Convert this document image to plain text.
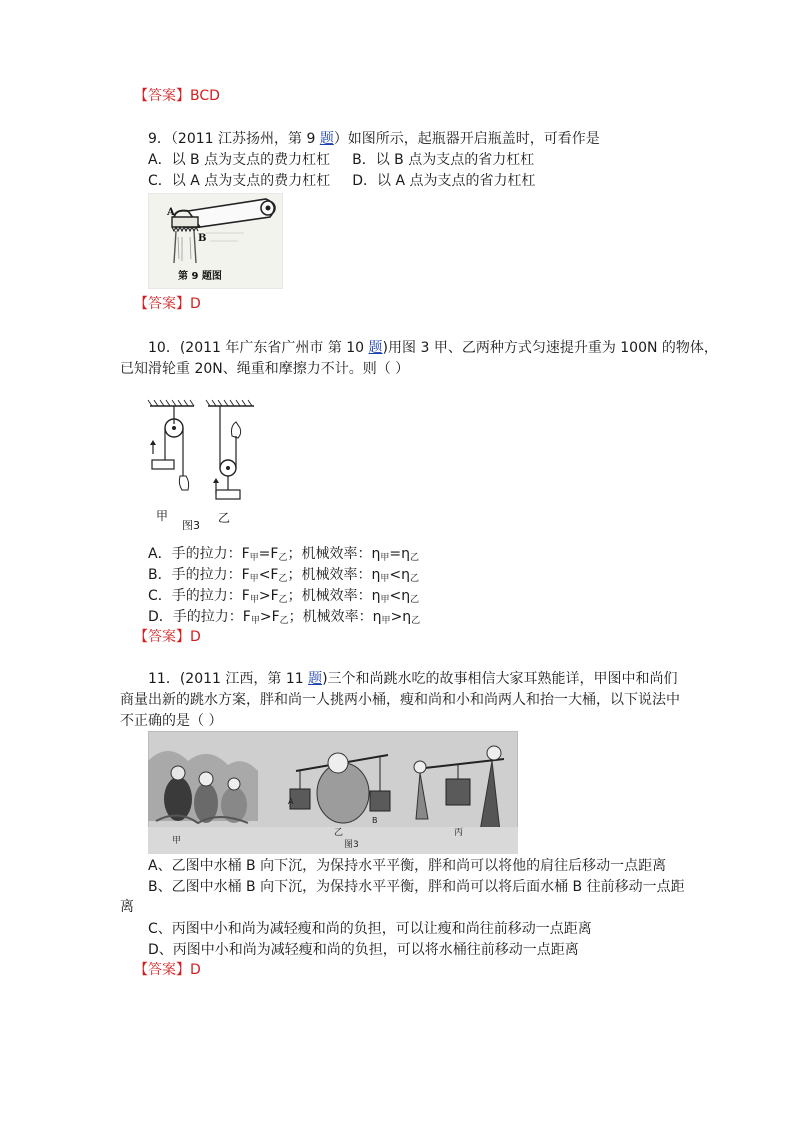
【答案】BCD
9．（2011 江苏扬州，第 9 题）如图所示，起瓶器开启瓶盖时，可看作是
A．以 B 点为支点的费力杠杠 B．以 B 点为支点的省力杠杠
C．以 A 点为支点的费力杠杠 D．以 A 点为支点的省力杠杠
A
B
第 9 题图
【答案】D
10．(2011 年广东省广州市 第 10 题)用图 3 甲、乙两种方式匀速提升重为 100N 的物体，
已知滑轮重 20N、绳重和摩擦力不计。则（ ）
甲
图3
乙
A．手的拉力：$F_甲=F_乙$；机械效率：$\eta_甲=\eta_乙$
B．手的拉力：$F_甲<F_乙$；机械效率：$\eta_甲<\eta_乙$
C．手的拉力：$F_甲>F_乙$；机械效率：$\eta_甲<\eta_乙$
D．手的拉力：$F_甲>F_乙$；机械效率：$\eta_甲>\eta_乙$
【答案】D
11．(2011 江西，第 11 题)三个和尚跳水吃的故事相信大家耳熟能详，甲图中和尚们
商量出新的跳水方案，胖和尚一人挑两小桶，瘦和尚和小和尚两人和抬一大桶，以下说法中
不正确的是（ ）
A
B
甲
乙
图3
丙
A、乙图中水桶 B 向下沉，为保持水平平衡，胖和尚可以将他的肩往后移动一点距离
B、乙图中水桶 B 向下沉，为保持水平平衡，胖和尚可以将后面水桶 B 往前移动一点距
离
C、丙图中小和尚为减轻瘦和尚的负担，可以让瘦和尚往前移动一点距离
D、丙图中小和尚为减轻瘦和尚的负担，可以将水桶往前移动一点距离
【答案】D
